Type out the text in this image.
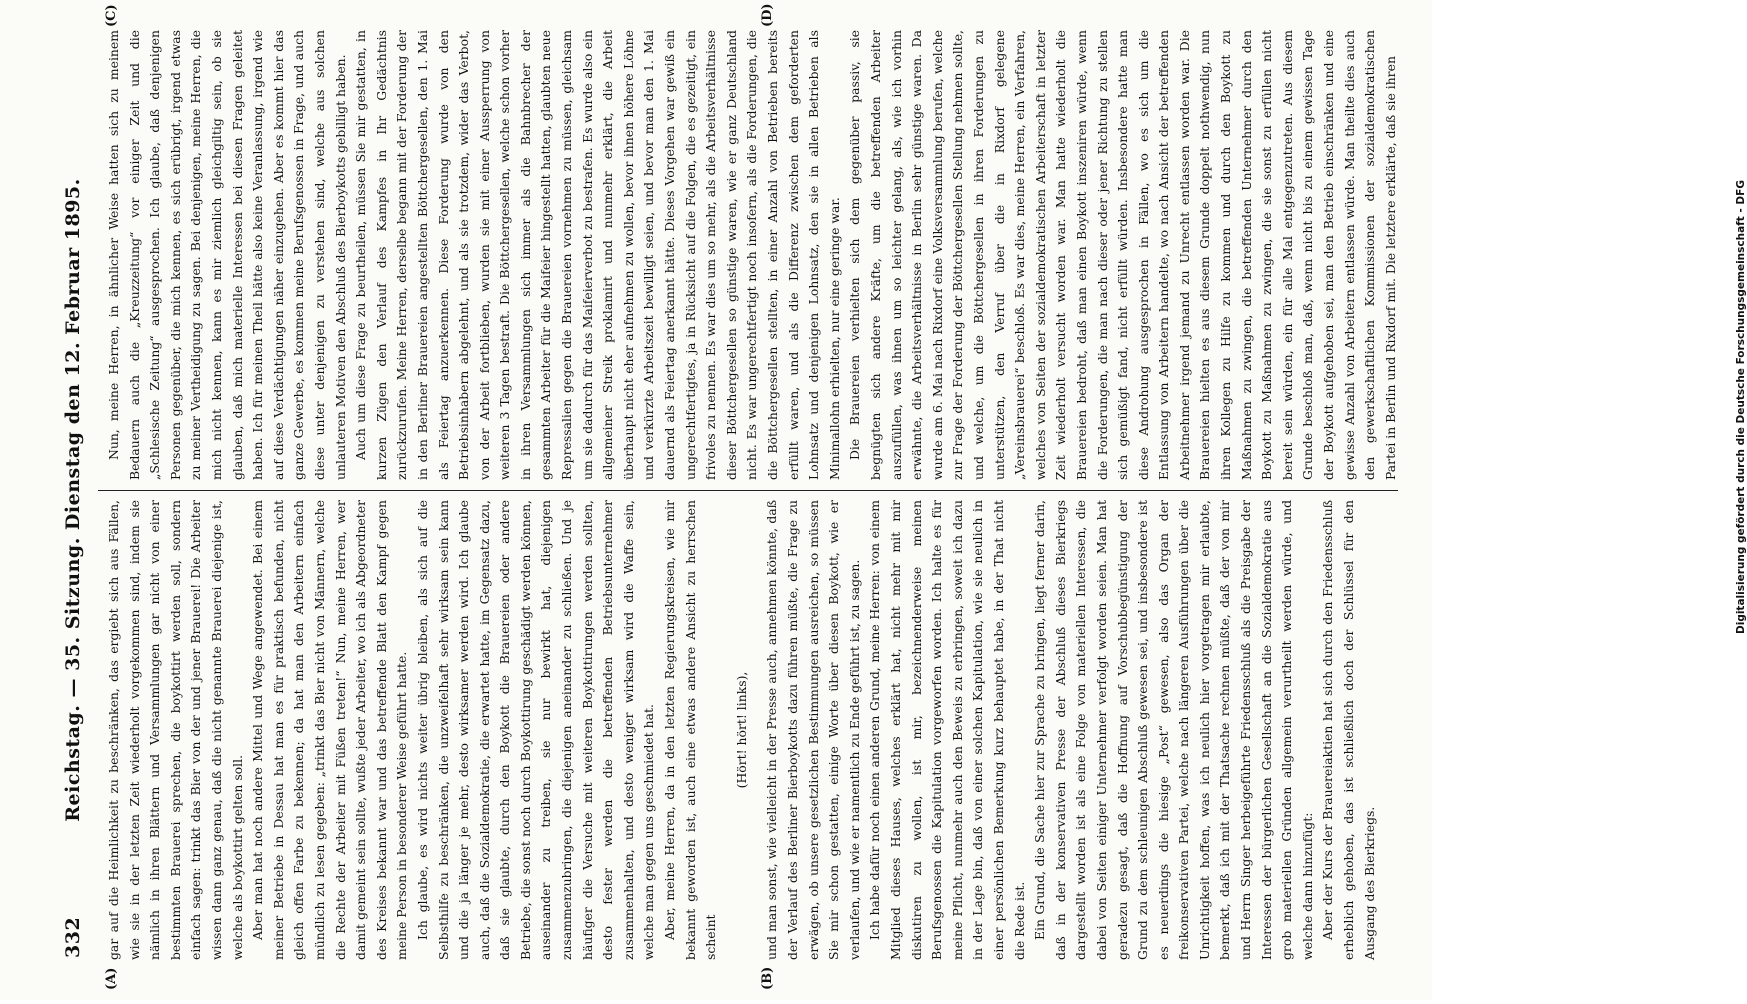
332
Reichstag. — 35. Sitzung. Dienstag den 12. Februar 1895.
(A)	(B)
(C)	(D)

gar auf die Heimlichkeit zu beschränken, das ergiebt sich aus Fällen, wie sie in der letzten Zeit wiederholt vorgekommen sind, indem sie nämlich in ihren Blättern und Versammlungen gar nicht von einer bestimmten Brauerei sprechen, die boykottirt werden soll, sondern einfach sagen: trinkt das Bier von der und jener Brauerei! Die Arbeiter wissen dann ganz genau, daß die nicht genannte Brauerei diejenige ist, welche als boykottirt gelten soll. Aber man hat noch andere Mittel und Wege angewendet. Bei einem meiner Betriebe in Dessau hat man es für praktisch befunden, nicht gleich offen Farbe zu bekennen; da hat man den Arbeitern einfach mündlich zu lesen gegeben: „trinkt das Bier nicht von Männern, welche die Rechte der Arbeiter mit Füßen treten!“ Nun, meine Herren, wer damit gemeint sein sollte, wußte jeder Arbeiter, wo ich als Abgeordneter des Kreises bekannt war und das betreffende Blatt den Kampf gegen meine Person in besonderer Weise geführt hatte. Ich glaube, es wird nichts weiter übrig bleiben, als sich auf die Selbsthilfe zu beschränken, die unzweifelhaft sehr wirksam sein kann und die ja länger je mehr, desto wirksamer werden wird. Ich glaube auch, daß die Sozialdemokratie, die erwartet hatte, im Gegensatz dazu, daß sie glaubte, durch den Boykott die Brauereien oder andere Betriebe, die sonst noch durch Boykottirung geschädigt werden können, auseinander zu treiben, sie nur bewirkt hat, diejenigen zusammenzubringen, die diejenigen aneinander zu schließen. Und je häufiger die Versuche mit weiteren Boykottirungen werden sollten, desto fester werden die betreffenden Betriebsunternehmer zusammenhalten, und desto weniger wirksam wird die Waffe sein, welche man gegen uns geschmiedet hat. Aber, meine Herren, da in den letzten Regierungskreisen, wie mir bekannt geworden ist, auch eine etwas andere Ansicht zu herrschen scheint

(Hört! hört! links), und man sonst, wie vielleicht in der Presse auch, annehmen könnte, daß der Verlauf des Berliner Bierboykotts dazu führen müßte, die Frage zu erwägen, ob unsere gesetzlichen Bestimmungen ausreichen, so müssen Sie mir schon gestatten, einige Worte über diesen Boykott, wie er verlaufen, und wie er namentlich zu Ende geführt ist, zu sagen. Ich habe dafür noch einen anderen Grund, meine Herren: von einem Mitglied dieses Hauses, welches erklärt hat, nicht mehr mit mir diskutiren zu wollen, ist mir, bezeichnenderweise meinen Berufsgenossen die Kapitulation vorgeworfen worden. Ich halte es für meine Pflicht, nunmehr auch den Beweis zu erbringen, soweit ich dazu in der Lage bin, daß von einer solchen Kapitulation, wie sie neulich in einer persönlichen Bemerkung kurz behauptet habe, in der That nicht die Rede ist. Ein Grund, die Sache hier zur Sprache zu bringen, liegt ferner darin, daß in der konservativen Presse der Abschluß dieses Bierkriegs dargestellt worden ist als eine Folge von materiellen Interessen, die dabei von Seiten einiger Unternehmer verfolgt worden seien. Man hat geradezu gesagt, daß die Hoffnung auf Vorschubbegünstigung der Grund zu dem schleunigen Abschluß gewesen sei, und insbesondere ist es neuerdings die hiesige „Post“ gewesen, also das Organ der freikonservativen Partei, welche nach längeren Ausführungen über die Unrichtigkeit hoffen, was ich neulich hier vorgetragen mir erlaubte, bemerkt, daß ich mit der Thatsache rechnen müßte, daß der von mir und Herrn Singer herbeigeführte Friedensschluß als die Preisgabe der Interessen der bürgerlichen Gesellschaft an die Sozialdemokratie aus grob materiellen Gründen allgemein verurtheilt werden würde, und welche dann hinzufügt: Aber der Kurs der Brauereiaktien hat sich durch den Friedensschluß erheblich gehoben, das ist schließlich doch der Schlüssel für den Ausgang des Bierkriegs.

Nun, meine Herren, in ähnlicher Weise hatten sich zu meinem Bedauern auch die „Kreuzzeitung“ vor einiger Zeit und die „Schlesische Zeitung“ ausgesprochen. Ich glaube, daß denjenigen Personen gegenüber, die mich kennen, es sich erübrigt, irgend etwas zu meiner Vertheidigung zu sagen. Bei denjenigen, meine Herren, die mich nicht kennen, kann es mir ziemlich gleichgiltig sein, ob sie glauben, daß mich materielle Interessen bei diesen Fragen geleitet haben. Ich für meinen Theil hätte also keine Veranlassung, irgend wie auf diese Verdächtigungen näher einzugehen. Aber es kommt hier das ganze Gewerbe, es kommen meine Berufsgenossen in Frage, und auch diese unter denjenigen zu verstehen sind, welche aus solchen unlauteren Motiven den Abschluß des Bierboykotts gebilligt haben. Auch um diese Frage zu beurtheilen, müssen Sie mir gestatten, in kurzen Zügen den Verlauf des Kampfes in Ihr Gedächtnis zurückzurufen. Meine Herren, derselbe begann mit der Forderung der in den Berliner Brauereien angestellten Böttchergesellen, den 1. Mai als Feiertag anzuerkennen. Diese Forderung wurde von den Betriebsinhabern abgelehnt, und als sie trotzdem, wider das Verbot, von der Arbeit fortblieben, wurden sie mit einer Aussperrung von weiteren 3 Tagen bestraft. Die Böttchergesellen, welche schon vorher in ihren Versammlungen sich immer als die Bahnbrecher der gesammten Arbeiter für die Maifeier hingestellt hatten, glaubten neue Repressalien gegen die Brauereien vornehmen zu müssen, gleichsam um sie dadurch für das Maifeierverbot zu bestrafen. Es wurde also ein allgemeiner Streik proklamirt und nunmehr erklärt, die Arbeit überhaupt nicht eher aufnehmen zu wollen, bevor ihnen höhere Löhne und verkürzte Arbeitszeit bewilligt seien, und bevor man den 1. Mai dauernd als Feiertag anerkannt hätte. Dieses Vorgehen war gewiß ein ungerechtfertigtes, ja in Rücksicht auf die Folgen, die es gezeitigt, ein frivoles zu nennen. Es war dies um so mehr, als die Arbeitsverhältnisse dieser Böttchergesellen so günstige waren, wie er ganz Deutschland nicht. Es war ungerechtfertigt noch insofern, als die Forderungen, die die Böttchergesellen stellten, in einer Anzahl von Betrieben bereits erfüllt waren, und als die Differenz zwischen dem geforderten Lohnsatz und denjenigen Lohnsatz, den sie in allen Betrieben als Minimallohn erhielten, nur eine geringe war. Die Brauereien verhielten sich dem gegenüber passiv, sie begnügten sich andere Kräfte, um die betreffenden Arbeiter auszufüllen, was ihnen um so leichter gelang, als, wie ich vorhin erwähnte, die Arbeitsverhältnisse in Berlin sehr günstige waren. Da wurde am 6. Mai nach Rixdorf eine Volksversammlung berufen, welche zur Frage der Forderung der Böttchergesellen Stellung nehmen sollte, und welche, um die Böttchergesellen in ihren Forderungen zu unterstützen, den Verruf über die in Rixdorf gelegene „Vereinsbrauerei“ beschloß. Es war dies, meine Herren, ein Verfahren, welches von Seiten der sozialdemokratischen Arbeiterschaft in letzter Zeit wiederholt versucht worden war. Man hatte wiederholt die Brauereien bedroht, daß man einen Boykott inszeniren würde, wenn die Forderungen, die man nach dieser oder jener Richtung zu stellen sich gemüßigt fand, nicht erfüllt würden. Insbesondere hatte man diese Androhung ausgesprochen in Fällen, wo es sich um die Entlassung von Arbeitern handelte, wo nach Ansicht der betreffenden Arbeitnehmer irgend jemand zu Unrecht entlassen worden war. Die Brauereien hielten es aus diesem Grunde doppelt nothwendig, nun ihren Kollegen zu Hilfe zu kommen und durch den Boykott zu Maßnahmen zu zwingen, die betreffenden Unternehmer durch den Boykott zu Maßnahmen zu zwingen, die sie sonst zu erfüllen nicht bereit sein würden, ein für alle Mal entgegenzutreten. Aus diesem Grunde beschloß man, daß, wenn nicht bis zu einem gewissen Tage der Boykott aufgehoben sei, man den Betrieb einschränken und eine gewisse Anzahl von Arbeitern entlassen würde. Man theilte dies auch den gewerkschaftlichen Kommissionen der sozialdemokratischen Partei in Berlin und Rixdorf mit. Die letztere erklärte, daß sie ihren	Digitalisierung gefördert durch die Deutsche Forschungsgemeinschaft - DFG
